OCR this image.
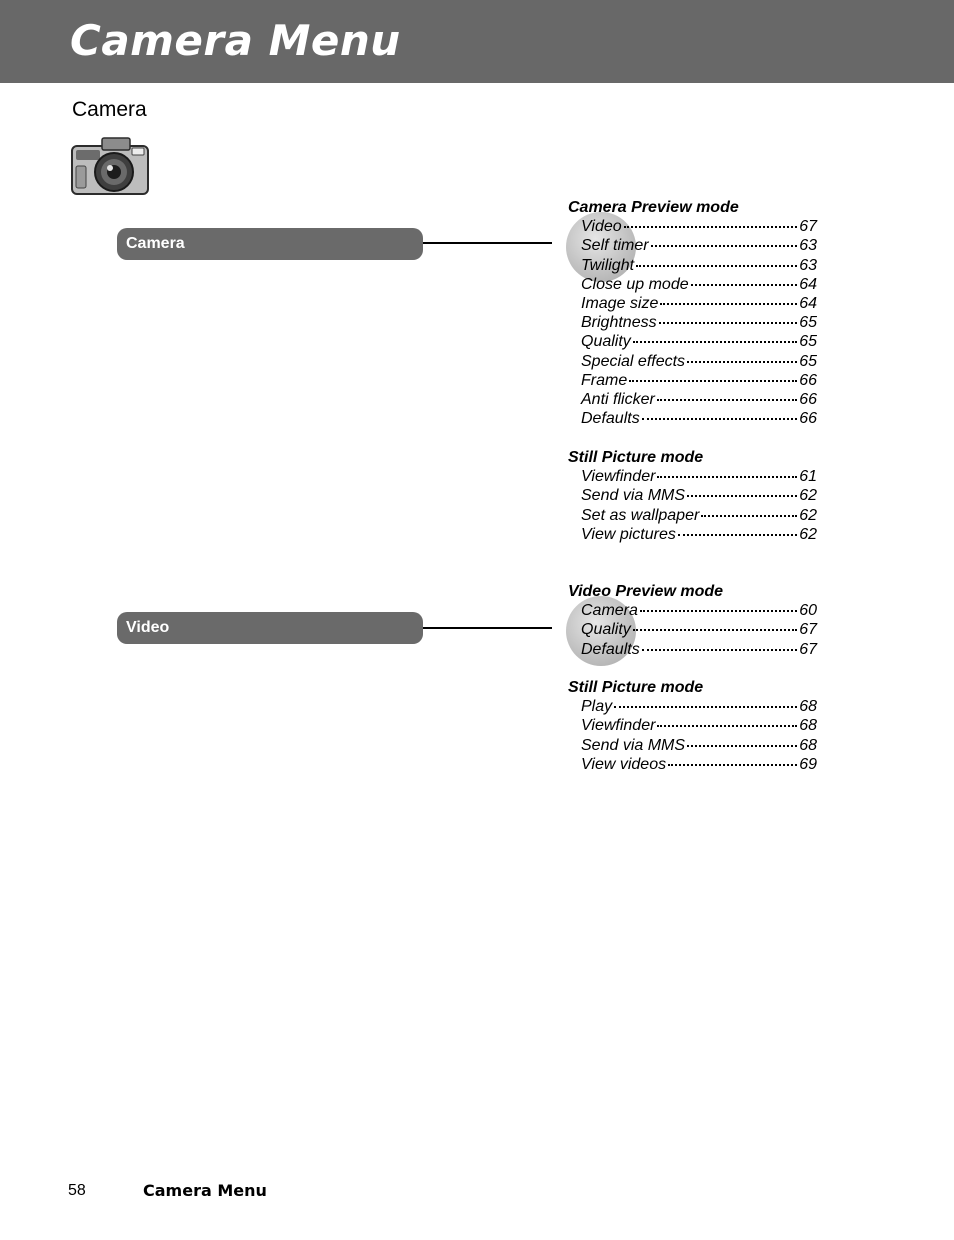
Camera Menu
Camera
Camera
Camera Preview mode
Video	67
Self timer	63
Twilight	63
Close up mode	64
Image size	64
Brightness	65
Quality	65
Special effects	65
Frame	66
Anti flicker	66
Defaults	66
Still Picture mode
Viewfinder	61
Send via MMS	62
Set as wallpaper	62
View pictures	62
Video
Video Preview mode
Camera	60
Quality	67
Defaults	67
Still Picture mode
Play	68
Viewfinder	68
Send via MMS	68
View videos	69
58	Camera Menu
